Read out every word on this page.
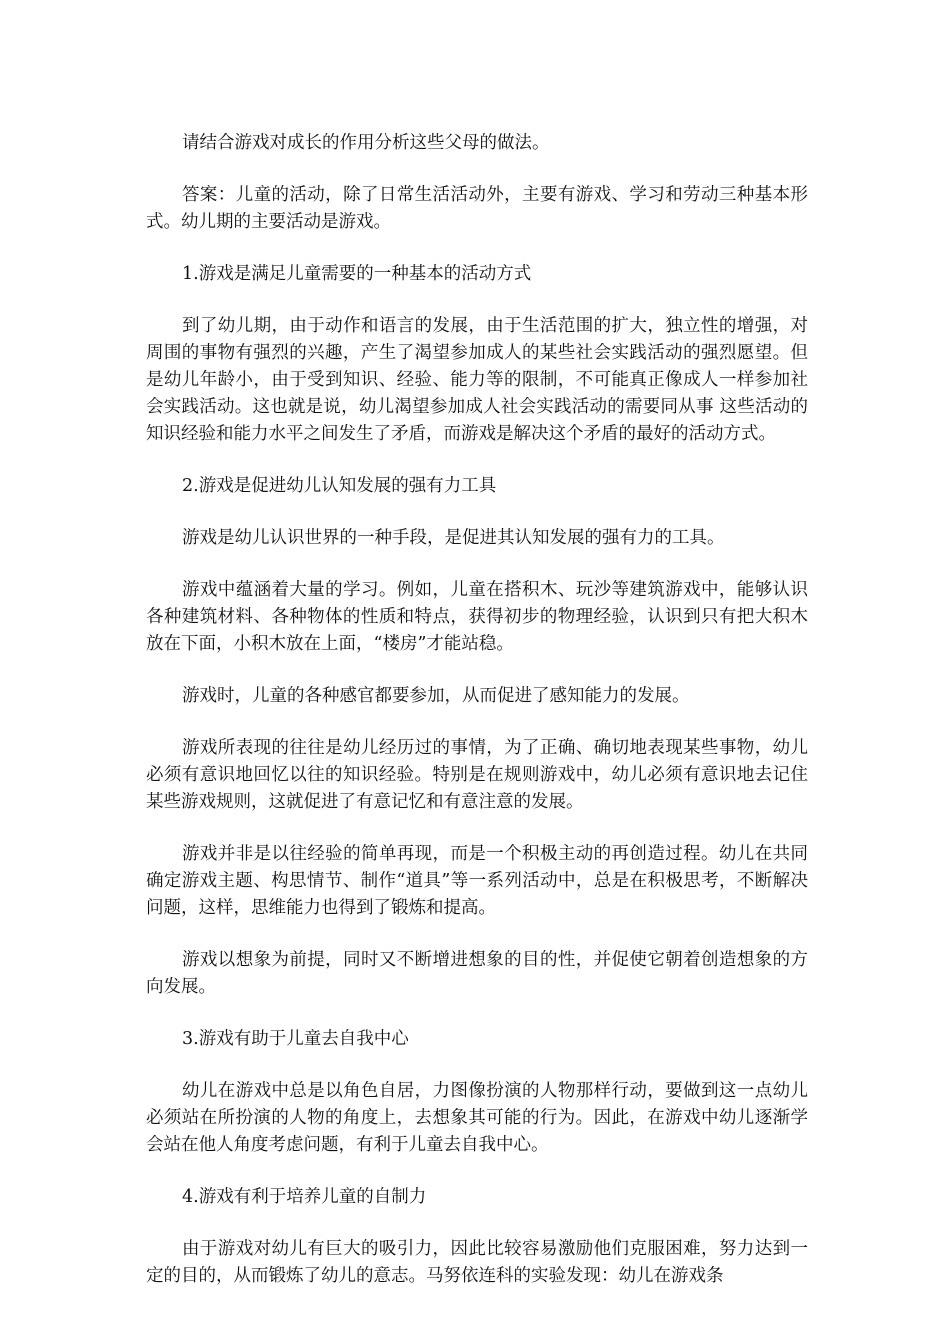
请结合游戏对成长的作用分析这些父母的做法。

答案：儿童的活动，除了日常生活活动外，主要有游戏、学习和劳动三种基本形式。幼儿期的主要活动是游戏。

1.游戏是满足儿童需要的一种基本的活动方式

到了幼儿期，由于动作和语言的发展，由于生活范围的扩大，独立性的增强，对周围的事物有强烈的兴趣，产生了渴望参加成人的某些社会实践活动的强烈愿望。但是幼儿年龄小，由于受到知识、经验、能力等的限制，不可能真正像成人一样参加社会实践活动。这也就是说，幼儿渴望参加成人社会实践活动的需要同从事 这些活动的知识经验和能力水平之间发生了矛盾，而游戏是解决这个矛盾的最好的活动方式。

2.游戏是促进幼儿认知发展的强有力工具

游戏是幼儿认识世界的一种手段，是促进其认知发展的强有力的工具。

游戏中蕴涵着大量的学习。例如，儿童在搭积木、玩沙等建筑游戏中，能够认识各种建筑材料、各种物体的性质和特点，获得初步的物理经验，认识到只有把大积木放在下面，小积木放在上面，“楼房”才能站稳。

游戏时，儿童的各种感官都要参加，从而促进了感知能力的发展。

游戏所表现的往往是幼儿经历过的事情，为了正确、确切地表现某些事物，幼儿必须有意识地回忆以往的知识经验。特别是在规则游戏中，幼儿必须有意识地去记住某些游戏规则，这就促进了有意记忆和有意注意的发展。

游戏并非是以往经验的简单再现，而是一个积极主动的再创造过程。幼儿在共同确定游戏主题、构思情节、制作“道具”等一系列活动中，总是在积极思考，不断解决问题，这样，思维能力也得到了锻炼和提高。

游戏以想象为前提，同时又不断增进想象的目的性，并促使它朝着创造想象的方向发展。

3.游戏有助于儿童去自我中心

幼儿在游戏中总是以角色自居，力图像扮演的人物那样行动，要做到这一点幼儿必须站在所扮演的人物的角度上，去想象其可能的行为。因此，在游戏中幼儿逐渐学会站在他人角度考虑问题，有利于儿童去自我中心。

4.游戏有利于培养儿童的自制力

由于游戏对幼儿有巨大的吸引力，因此比较容易激励他们克服困难，努力达到一定的目的，从而锻炼了幼儿的意志。马努依连科的实验发现：幼儿在游戏条
